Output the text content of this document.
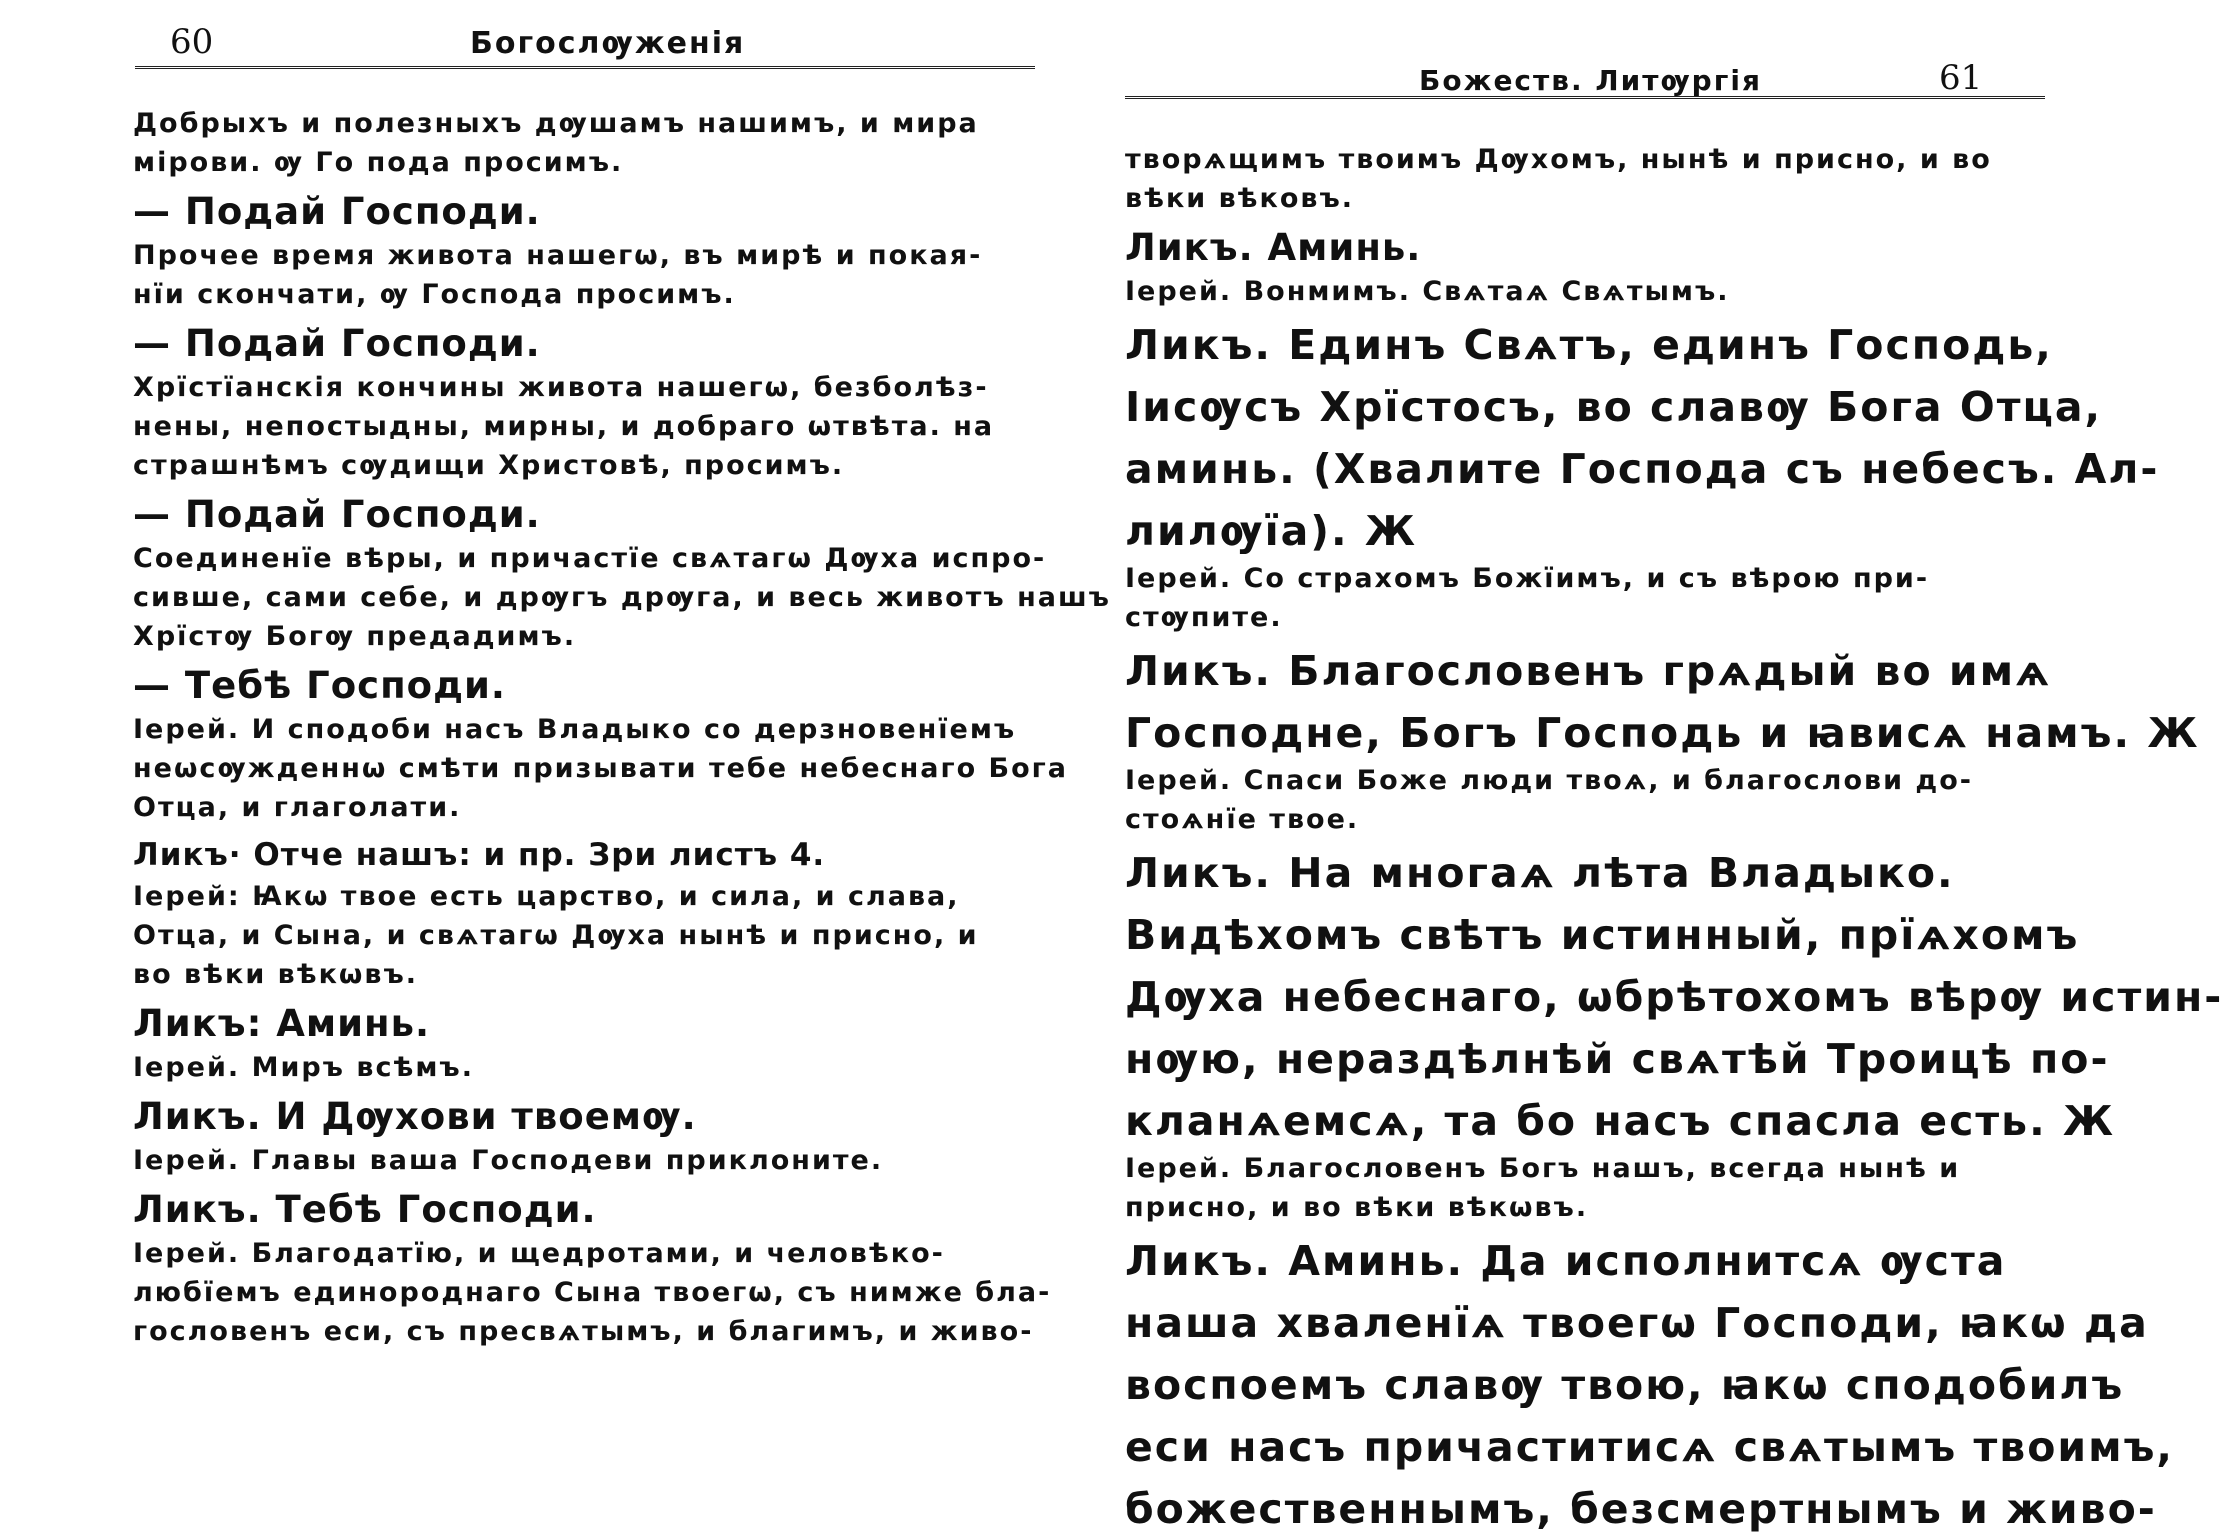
60	Богослѹженія
Добрыхъ и полезныхъ дѹшамъ нашимъ, и мира
мірови. ѹ Го пода просимъ.
— Подай Господи.
Прочее время живота нашегѡ, въ мирѣ и покая-
нїи скончати, ѹ Господа просимъ.
— Подай Господи.
Хрїстїанскія кончины живота нашегѡ, безболѣз-
нены, непостыдны, мирны, и добраго ѡтвѣта. на
страшнѣмъ сѹдищи Христовѣ, просимъ.
— Подай Господи.
Соединенїе вѣры, и причастїе свѧтагѡ Дѹха испро-
сивше, сами себе, и дрѹгъ дрѹга, и весь животъ нашъ
Хрїстѹ Богѹ предадимъ.
— Тебѣ Господи.
Іерей. И сподоби насъ Владыко со дерзновенїемъ
неѡсѹжденнѡ смѣти призывати тебе небеснаго Бога
Отца, и глаголати.
Ликъ· Отче нашъ: и пр. Зри листъ 4.
Іерей: Ꙗкѡ твое есть царство, и сила, и слава,
Отца, и Сына, и свѧтагѡ Дѹха нынѣ и присно, и
во вѣки вѣкѡвъ.
Ликъ: Аминь.
Іерей. Миръ всѣмъ.
Ликъ. И Дѹхови твоемѹ.
Іерей. Главы ваша Господеви приклоните.
Ликъ. Тебѣ Господи.
Іерей. Благодатїю, и щедротами, и человѣко-
любїемъ единороднаго Сына твоегѡ, съ нимже бла-
гословенъ еси, съ пресвѧтымъ, и благимъ, и живо-
Божеств. Литѹргія	61
творѧщимъ твоимъ Дѹхомъ, нынѣ и присно, и во
вѣки вѣковъ.
Ликъ. Аминь.
Іерей. Вонмимъ. Свѧтаѧ Свѧтымъ.
Ликъ. Единъ Свѧтъ, единъ Господь,
Іисѹсъ Хрїстосъ, во славѹ Бога Отца,
аминь. (Хвалите Господа съ небесъ. Ал-
лилѹїа). Ж
Іерей. Со страхомъ Божїимъ, и съ вѣрою при-
стѹпите.
Ликъ. Благословенъ грѧдый во имѧ
Господне, Богъ Господь и ꙗвисѧ намъ. Ж
Іерей. Спаси Боже люди твоѧ, и благослови до-
стоѧнїе твое.
Ликъ. На многаѧ лѣта Владыко.
Видѣхомъ свѣтъ истинный, прїѧхомъ
Дѹха небеснаго, ѡбрѣтохомъ вѣрѹ истин-
нѹю, нераздѣлнѣй свѧтѣй Троицѣ по-
кланѧемсѧ, та бо насъ спасла есть. Ж
Іерей. Благословенъ Богъ нашъ, всегда нынѣ и
присно, и во вѣки вѣкѡвъ.
Ликъ. Аминь. Да исполнитсѧ ѹста
наша хваленїѧ твоегѡ Господи, ꙗкѡ да
воспоемъ славѹ твою, ꙗкѡ сподобилъ
еси насъ причаститисѧ свѧтымъ твоимъ,
божественнымъ, безсмертнымъ и живо-
